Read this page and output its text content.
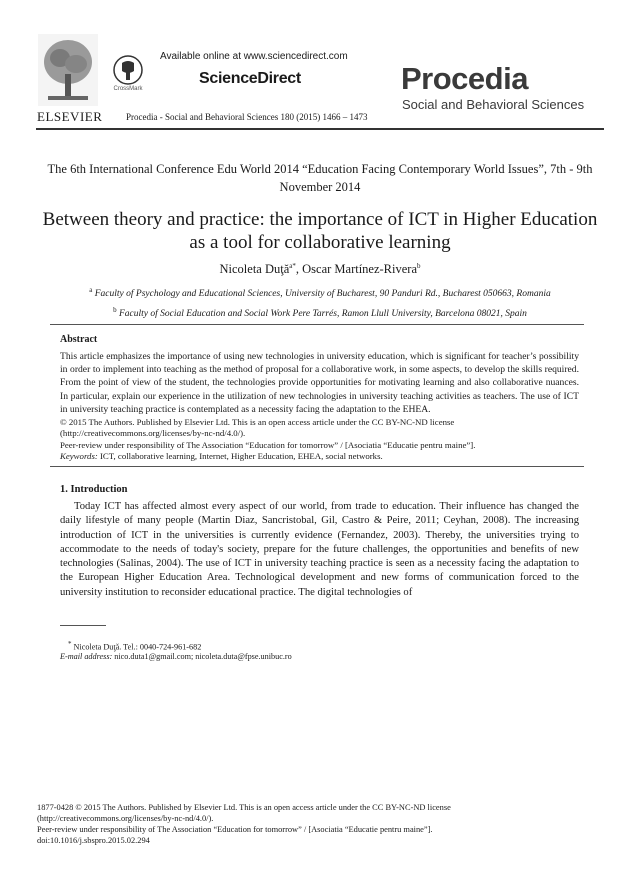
ELSEVIER
CrossMark
Available online at www.sciencedirect.com
ScienceDirect
Procedia - Social and Behavioral Sciences 180 (2015) 1466 – 1473
Procedia
Social and Behavioral Sciences
The 6th International Conference Edu World 2014 “Education Facing Contemporary World Issues”, 7th - 9th November 2014
Between theory and practice: the importance of ICT in Higher Education as a tool for collaborative learning
Nicoleta Duţă$^{a*}$, Oscar Martínez-Rivera$^b$
$^a$ Faculty of Psychology and Educational Sciences, University of Bucharest, 90 Panduri Rd., Bucharest 050663, Romania
$^b$ Faculty of Social Education and Social Work Pere Tarrés, Ramon Llull University, Barcelona 08021, Spain
Abstract
This article emphasizes the importance of using new technologies in university education, which is significant for teacher’s possibility in order to implement into teaching as the method of proposal for a collaborative work, in some aspects, to develop the skills required. From the point of view of the student, the technologies provide opportunities for motivating learning and also collaborative nuances. In particular, explain our experience in the utilization of new technologies in university teaching activities as teachers. The use of ICT in university teaching practice is contemplated as a necessity facing the adaptation to the EHEA.
© 2015 The Authors. Published by Elsevier Ltd. This is an open access article under the CC BY-NC-ND license
(http://creativecommons.org/licenses/by-nc-nd/4.0/).
Peer-review under responsibility of The Association “Education for tomorrow” / [Asociatia “Educatie pentru maine”].
Keywords: ICT, collaborative learning, Internet, Higher Education, EHEA, social networks.
1. Introduction
Today ICT has affected almost every aspect of our world, from trade to education. Their influence has changed the daily lifestyle of many people (Martin Diaz, Sancristobal, Gil, Castro & Peire, 2011; Ceyhan, 2008). The increasing introduction of ICT in the universities is currently evidence (Fernandez, 2003). Thereby, the universities trying to accommodate to the needs of today's society, prepare for the future challenges, the opportunities and benefits of new technologies (Salinas, 2004). The use of ICT in university teaching practice is seen as a necessity facing the adaptation to the European Higher Education Area. Technological development and new forms of communication forced to the university institution to reconsider educational practice. The digital technologies of
* Nicoleta Duţă. Tel.: 0040-724-961-682
E-mail address: nico.duta1@gmail.com; nicoleta.duta@fpse.unibuc.ro
1877-0428 © 2015 The Authors. Published by Elsevier Ltd. This is an open access article under the CC BY-NC-ND license
(http://creativecommons.org/licenses/by-nc-nd/4.0/).
Peer-review under responsibility of The Association “Education for tomorrow” / [Asociatia “Educatie pentru maine”].
doi:10.1016/j.sbspro.2015.02.294
